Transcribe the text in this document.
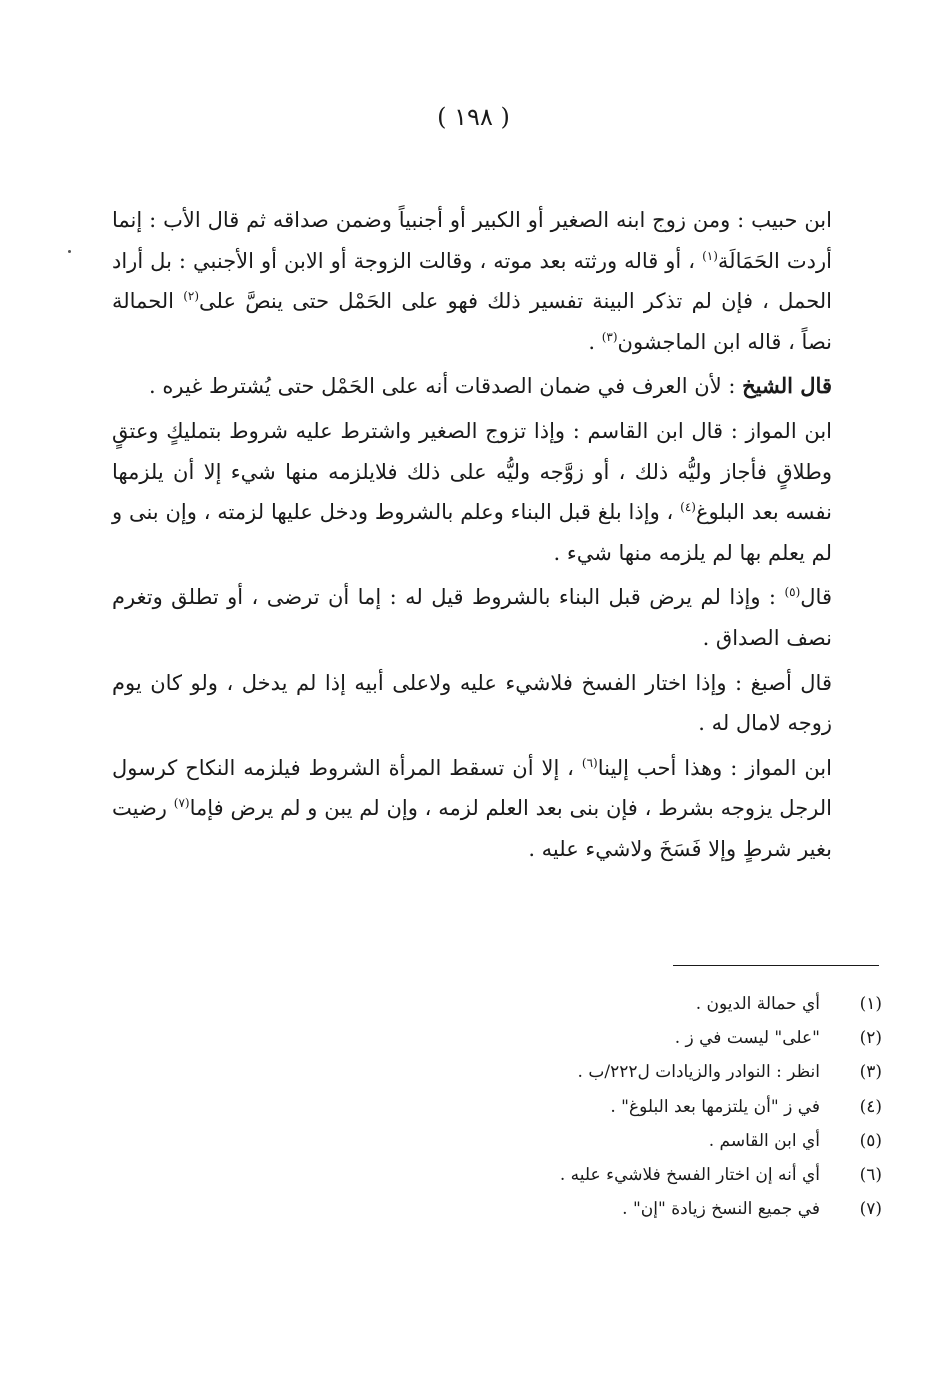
( ١٩٨ )

ابن حبيب : ومن زوج ابنه الصغير أو الكبير أو أجنبياً وضمن صداقه ثم قال الأب : إنما أردت الحَمَالَة$^{(١)}$ ، أو قاله ورثته بعد موته ، وقالت الزوجة أو الابن أو الأجنبي : بل أراد الحمل ، فإن لم تذكر البينة تفسير ذلك فهو على الحَمْل حتى ينصَّ على$^{(٢)}$ الحمالة نصاً ، قاله ابن الماجشون$^{(٣)}$ .

قال الشيخ : لأن العرف في ضمان الصدقات أنه على الحَمْل حتى يُشترط غيره .

ابن المواز : قال ابن القاسم : وإذا تزوج الصغير واشترط عليه شروط بتمليكٍ وعتقٍ وطلاقٍ فأجاز وليُّه ذلك ، أو زوَّجه وليُّه على ذلك فلايلزمه منها شيء إلا أن يلزمها نفسه بعد البلوغ$^{(٤)}$ ، وإذا بلغ قبل البناء وعلم بالشروط ودخل عليها لزمته ، وإن بنى و لم يعلم بها لم يلزمه منها شيء .

قال$^{(٥)}$ : وإذا لم يرض قبل البناء بالشروط قيل له : إما أن ترضى ، أو تطلق وتغرم نصف الصداق .

قال أصبغ : وإذا اختار الفسخ فلاشيء عليه ولاعلى أبيه إذا لم يدخل ، ولو كان يوم زوجه لامال له .

ابن المواز : وهذا أحب إلينا$^{(٦)}$ ، إلا أن تسقط المرأة الشروط فيلزمه النكاح كرسول الرجل يزوجه بشرط ، فإن بنى بعد العلم لزمه ، وإن لم يبن و لم يرض فإما$^{(٧)}$ رضيت بغير شرطٍ وإلا فَسَخَ ولاشيء عليه .

(١)
أي حمالة الديون .
(٢)
"على" ليست في ز .
(٣)
انظر : النوادر والزيادات ل٢٢٢/ب .
(٤)
في ز "أن يلتزمها بعد البلوغ" .
(٥)
أي ابن القاسم .
(٦)
أي أنه إن اختار الفسخ فلاشيء عليه .
(٧)
في جميع النسخ زيادة "إن" .
